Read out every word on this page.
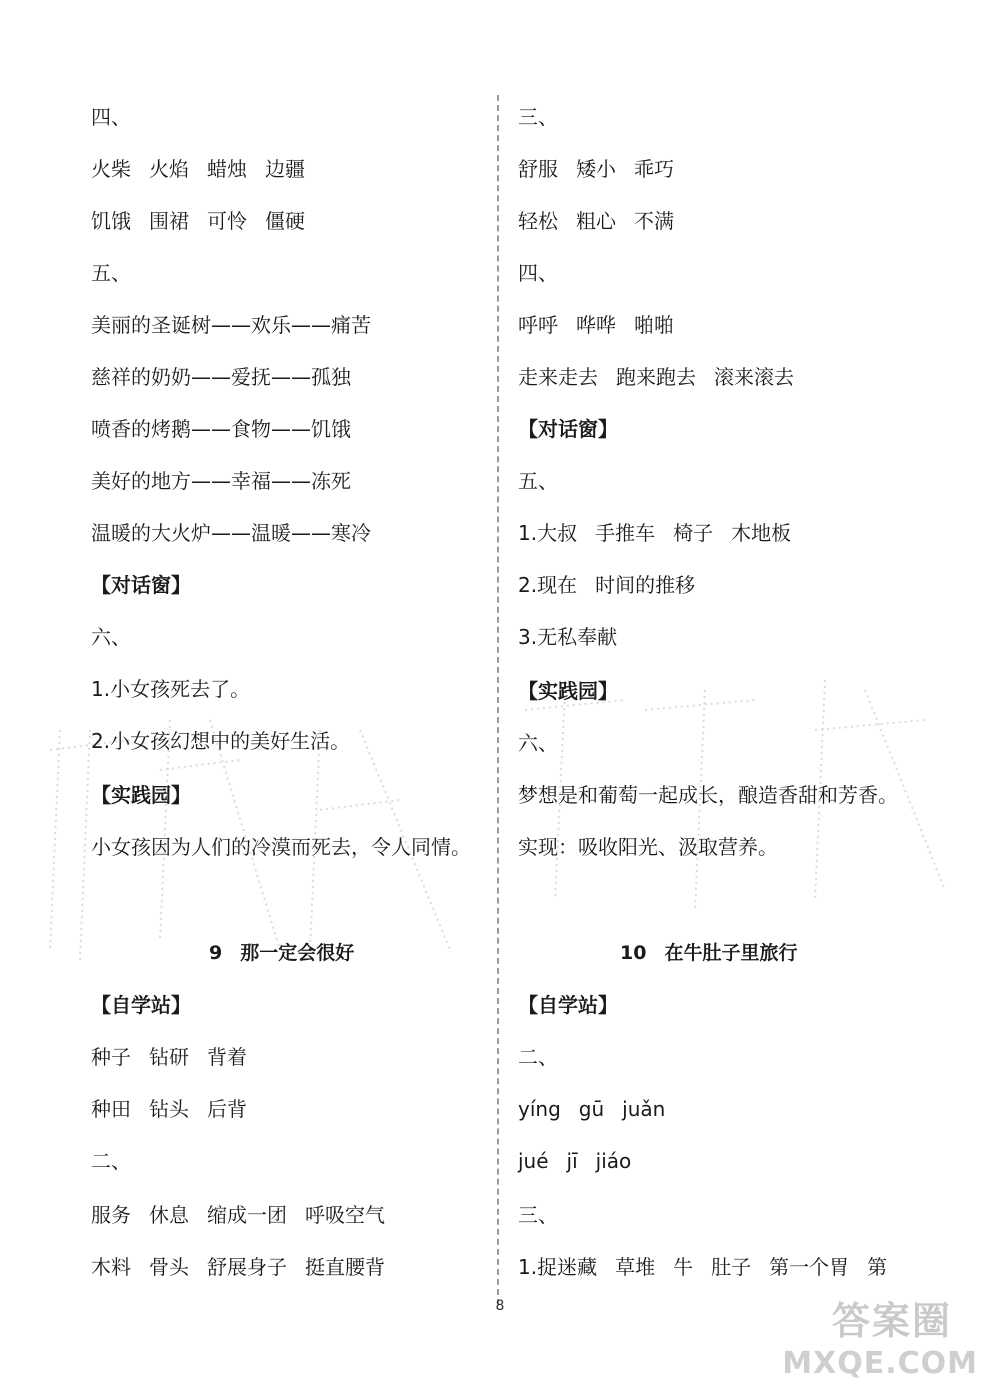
四、
火柴 火焰 蜡烛 边疆
饥饿 围裙 可怜 僵硬
五、
美丽的圣诞树——欢乐——痛苦
慈祥的奶奶——爱抚——孤独
喷香的烤鹅——食物——饥饿
美好的地方——幸福——冻死
温暖的大火炉——温暖——寒冷
【对话窗】
六、
1.小女孩死去了。
2.小女孩幻想中的美好生活。
【实践园】
小女孩因为人们的冷漠而死去，令人同情。
9 那一定会很好
【自学站】
种子 钻研 背着
种田 钻头 后背
二、
服务 休息 缩成一团 呼吸空气
木料 骨头 舒展身子 挺直腰背
三、
舒服 矮小 乖巧
轻松 粗心 不满
四、
呼呼 哗哗 啪啪
走来走去 跑来跑去 滚来滚去
【对话窗】
五、
1.大叔 手推车 椅子 木地板
2.现在 时间的推移
3.无私奉献
【实践园】
六、
梦想是和葡萄一起成长，酿造香甜和芳香。
实现：吸收阳光、汲取营养。
10 在牛肚子里旅行
【自学站】
二、
yíng gū juǎn
jué jī jiáo
三、
1.捉迷藏 草堆 牛 肚子 第一个胃 第
8	答案圈
MXQE.COM
